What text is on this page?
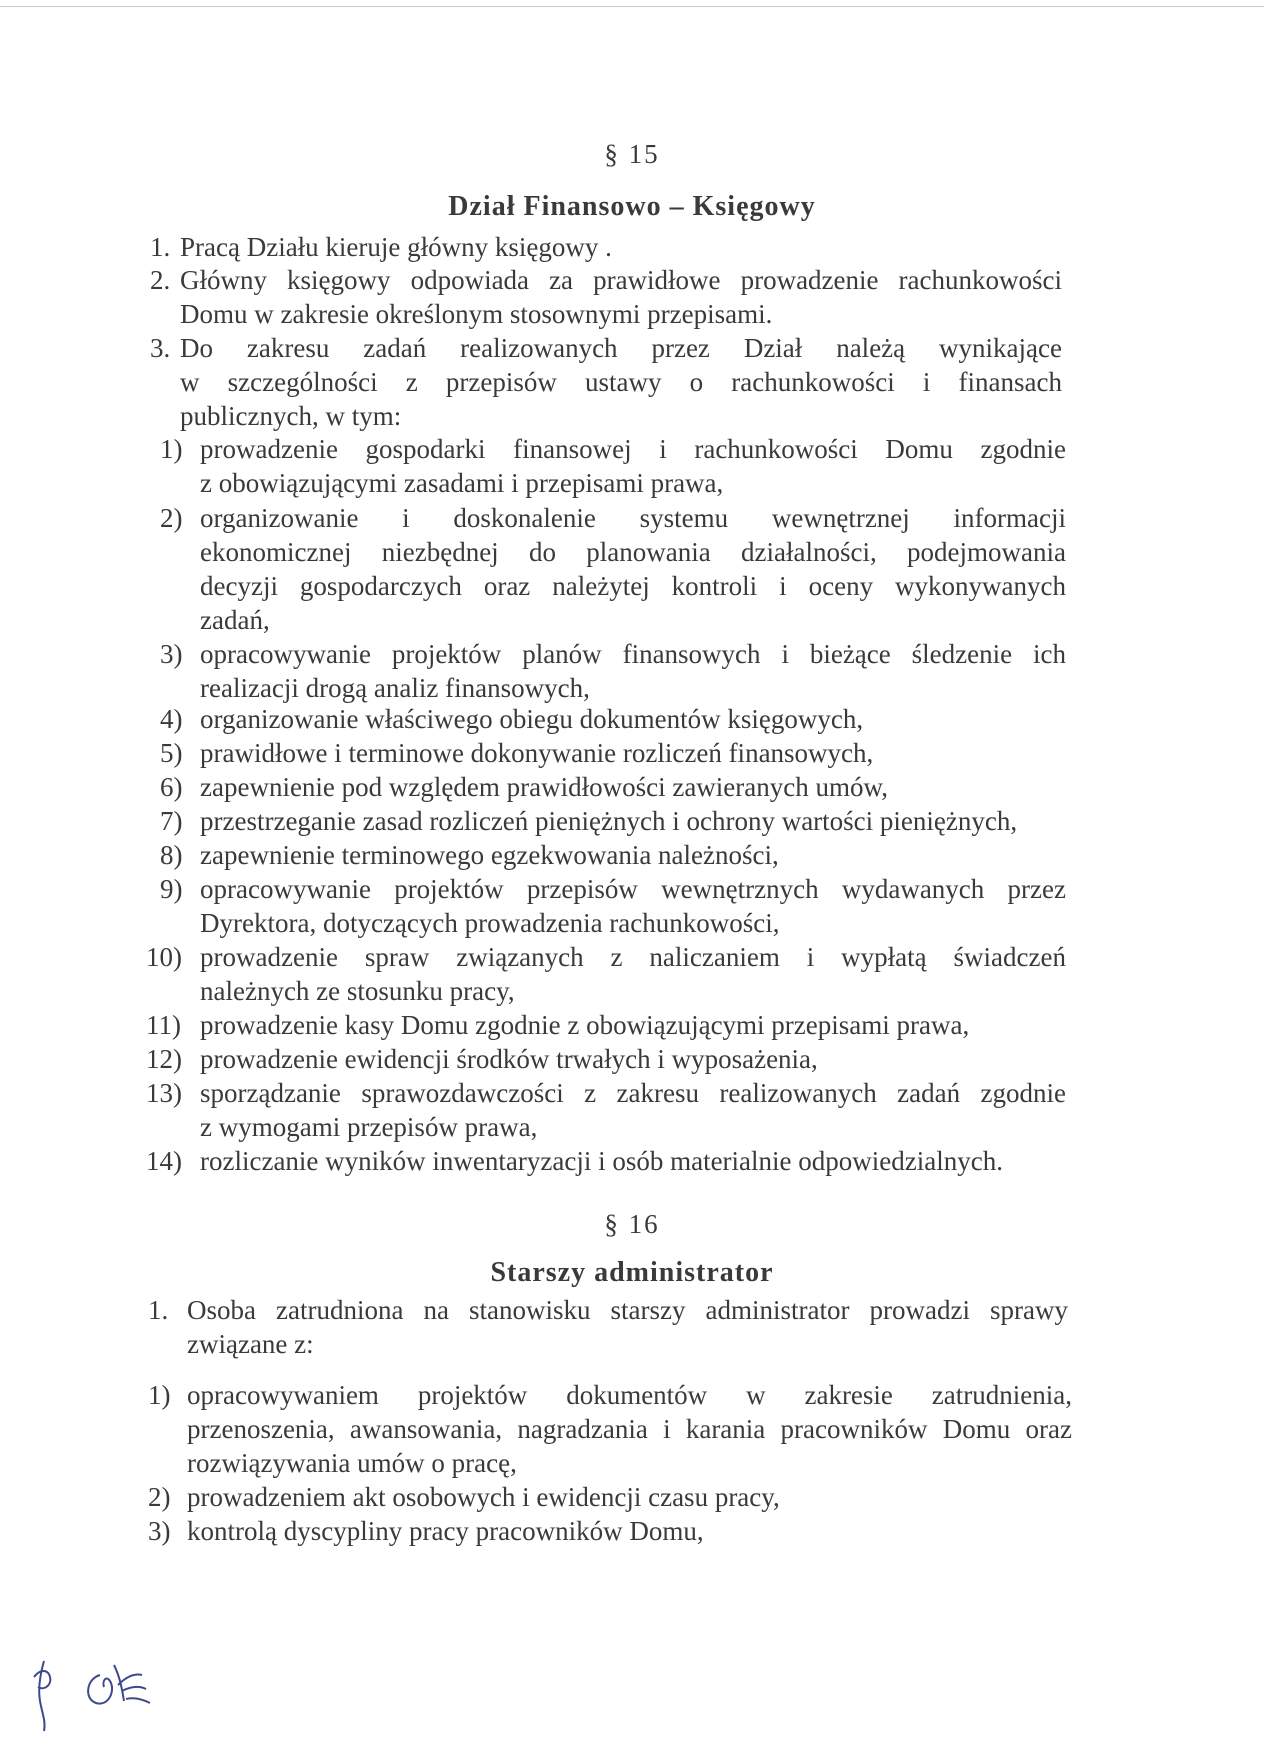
§ 15
Dział Finansowo – Księgowy
1. Pracą Działu kieruje główny księgowy .
2. Główny księgowy odpowiada za prawidłowe prowadzenie rachunkowości
Domu w zakresie określonym stosownymi przepisami.
3. Do zakresu zadań realizowanych przez Dział należą wynikające
w szczególności z przepisów ustawy o rachunkowości i finansach
publicznych, w tym:
1) prowadzenie gospodarki finansowej i rachunkowości Domu zgodnie
z obowiązującymi zasadami i przepisami prawa,
2) organizowanie i doskonalenie systemu wewnętrznej informacji
ekonomicznej niezbędnej do planowania działalności, podejmowania
decyzji gospodarczych oraz należytej kontroli i oceny wykonywanych
zadań,
3) opracowywanie projektów planów finansowych i bieżące śledzenie ich
realizacji drogą analiz finansowych,
4) organizowanie właściwego obiegu dokumentów księgowych,
5) prawidłowe i terminowe dokonywanie rozliczeń finansowych,
6) zapewnienie pod względem prawidłowości zawieranych umów,
7) przestrzeganie zasad rozliczeń pieniężnych i ochrony wartości pieniężnych,
8) zapewnienie terminowego egzekwowania należności,
9) opracowywanie projektów przepisów wewnętrznych wydawanych przez
Dyrektora, dotyczących prowadzenia rachunkowości,
10) prowadzenie spraw związanych z naliczaniem i wypłatą świadczeń
należnych ze stosunku pracy,
11) prowadzenie kasy Domu zgodnie z obowiązującymi przepisami prawa,
12) prowadzenie ewidencji środków trwałych i wyposażenia,
13) sporządzanie sprawozdawczości z zakresu realizowanych zadań zgodnie
z wymogami przepisów prawa,
14) rozliczanie wyników inwentaryzacji i osób materialnie odpowiedzialnych.
§ 16
Starszy administrator
1. Osoba zatrudniona na stanowisku starszy administrator prowadzi sprawy
związane z:
1) opracowywaniem projektów dokumentów w zakresie zatrudnienia,
przenoszenia, awansowania, nagradzania i karania pracowników Domu oraz
rozwiązywania umów o pracę,
2) prowadzeniem akt osobowych i ewidencji czasu pracy,
3) kontrolą dyscypliny pracy pracowników Domu,
